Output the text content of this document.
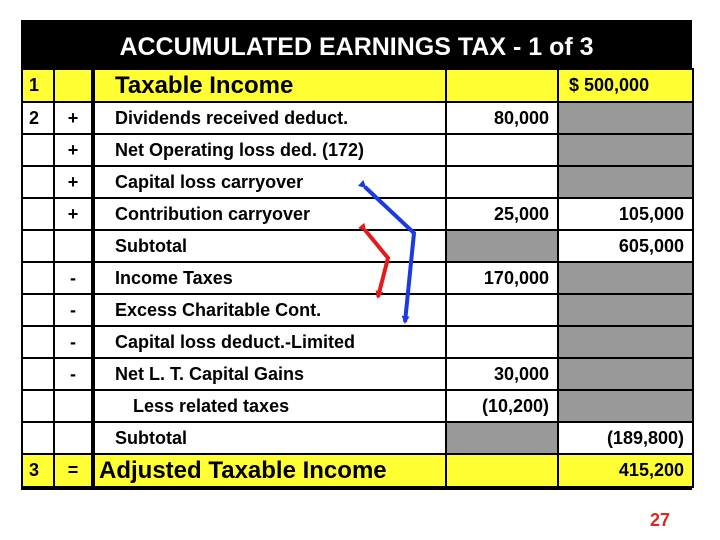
ACCUMULATED EARNINGS TAX - 1 of 3
1		Taxable Income		$ 500,000
2	+	Dividends received deduct.	80,000	
	+	Net Operating loss ded. (172)		
	+	Capital loss carryover		
	+	Contribution carryover	25,000	105,000
		Subtotal		605,000
	-	Income Taxes	170,000	
	-	Excess Charitable Cont.		
	-	Capital loss deduct.-Limited		
	-	Net L. T. Capital Gains	30,000	
		Less related taxes	(10,200)	
		Subtotal		(189,800)
3	=	Adjusted Taxable Income		415,200
27
